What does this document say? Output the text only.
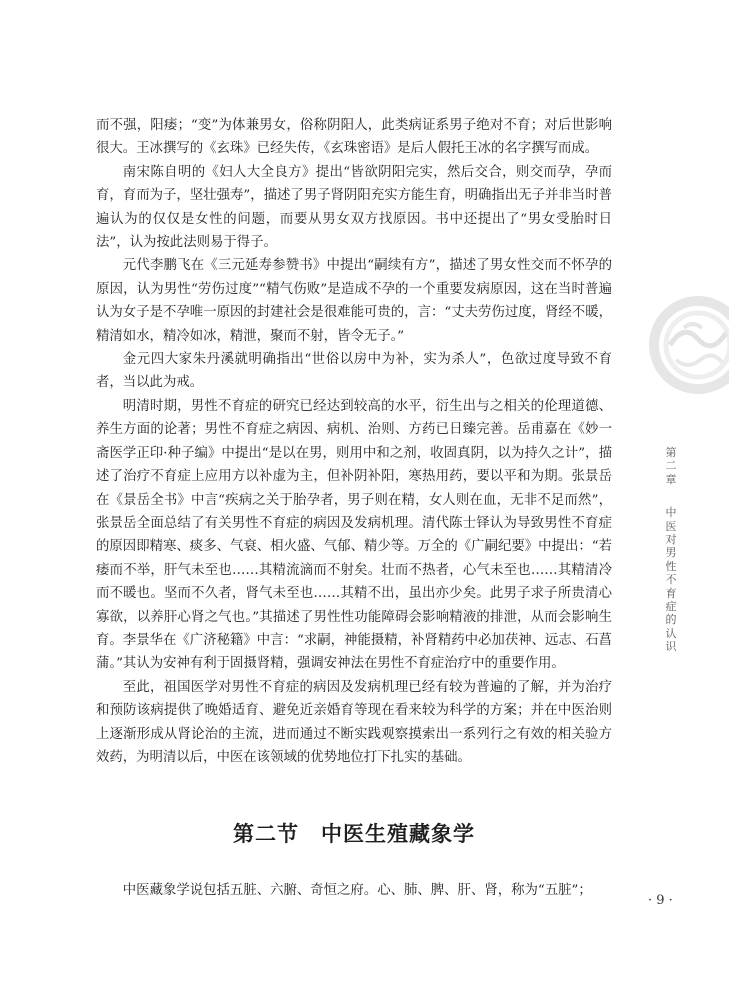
而不强，阳痿；“变”为体兼男女，俗称阴阳人，此类病证系男子绝对不育；对后世影响很大。王冰撰写的《玄珠》已经失传，《玄珠密语》是后人假托王冰的名字撰写而成。

南宋陈自明的《妇人大全良方》提出“皆欲阴阳完实，然后交合，则交而孕，孕而育，育而为子，坚壮强寿”，描述了男子肾阴阳充实方能生育，明确指出无子并非当时普遍认为的仅仅是女性的问题，而要从男女双方找原因。书中还提出了“男女受胎时日法”，认为按此法则易于得子。

元代李鹏飞在《三元延寿参赞书》中提出“嗣续有方”，描述了男女性交而不怀孕的原因，认为男性“劳伤过度”“精气伤败”是造成不孕的一个重要发病原因，这在当时普遍认为女子是不孕唯一原因的封建社会是很难能可贵的，言：“丈夫劳伤过度，肾经不暖，精清如水，精冷如冰，精泄，聚而不射，皆令无子。”

金元四大家朱丹溪就明确指出“世俗以房中为补，实为杀人”，色欲过度导致不育者，当以此为戒。

明清时期，男性不育症的研究已经达到较高的水平，衍生出与之相关的伦理道德、养生方面的论著；男性不育症之病因、病机、治则、方药已日臻完善。岳甫嘉在《妙一斋医学正印·种子编》中提出“是以在男，则用中和之剂，收固真阴，以为持久之计”，描述了治疗不育症上应用方以补虚为主，但补阴补阳，寒热用药，要以平和为期。张景岳在《景岳全书》中言“疾病之关于胎孕者，男子则在精，女人则在血，无非不足而然”，张景岳全面总结了有关男性不育症的病因及发病机理。清代陈士铎认为导致男性不育症的原因即精寒、痰多、气衰、相火盛、气郁、精少等。万全的《广嗣纪要》中提出：“若痿而不举，肝气未至也……其精流滴而不射矣。壮而不热者，心气未至也……其精清冷而不暖也。坚而不久者，肾气未至也……其精不出，虽出亦少矣。此男子求子所贵清心寡欲，以养肝心肾之气也。”其描述了男性性功能障碍会影响精液的排泄，从而会影响生育。李景华在《广济秘籍》中言：“求嗣，神能摄精，补肾精药中必加茯神、远志、石菖蒲。”其认为安神有利于固摄肾精，强调安神法在男性不育症治疗中的重要作用。

至此，祖国医学对男性不育症的病因及发病机理已经有较为普遍的了解，并为治疗和预防该病提供了晚婚适育、避免近亲婚育等现在看来较为科学的方案；并在中医治则上逐渐形成从肾论治的主流，进而通过不断实践观察摸索出一系列行之有效的相关验方效药，为明清以后，中医在该领域的优势地位打下扎实的基础。

第二节 中医生殖藏象学

中医藏象学说包括五脏、六腑、奇恒之府。心、肺、脾、肝、肾，称为“五脏”；

第二章
中医对男性不育症的认识
· 9 ·
